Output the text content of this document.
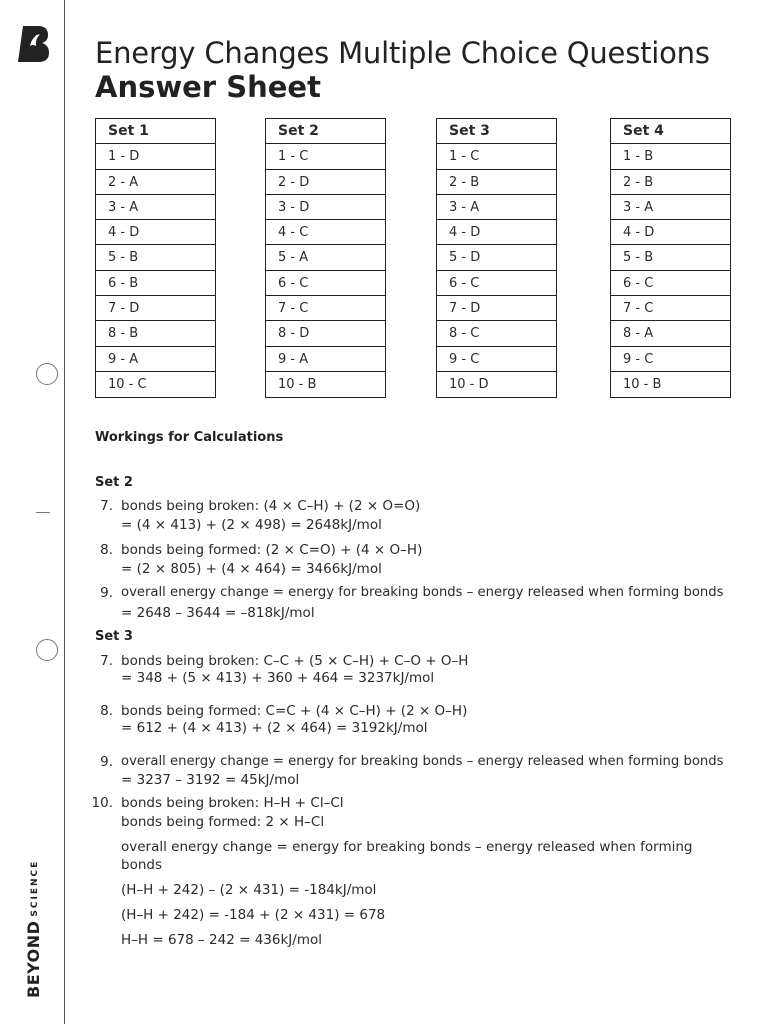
BEYONDSCIENCE
Energy Changes Multiple Choice Questions
Answer Sheet
Set 1
1 - D
2 - A
3 - A
4 - D
5 - B
6 - B
7 - D
8 - B
9 - A
10 - C
Set 2
1 - C
2 - D
3 - D
4 - C
5 - A
6 - C
7 - C
8 - D
9 - A
10 - B
Set 3
1 - C
2 - B
3 - A
4 - D
5 - D
6 - C
7 - D
8 - C
9 - C
10 - D
Set 4
1 - B
2 - B
3 - A
4 - D
5 - B
6 - C
7 - C
8 - A
9 - C
10 - B
Workings for Calculations
Set 2
7. bonds being broken: (4 × C–H) + (2 × O=O)
= (4 × 413) + (2 × 498) = 2648kJ/mol
8. bonds being formed: (2 × C=O) + (4 × O–H)
= (2 × 805) + (4 × 464) = 3466kJ/mol
9. overall energy change = energy for breaking bonds – energy released when forming bonds
= 2648 – 3644 = –818kJ/mol
Set 3
7. bonds being broken: C–C + (5 × C–H) + C–O + O–H
= 348 + (5 × 413) + 360 + 464 = 3237kJ/mol
8. bonds being formed: C=C + (4 × C–H) + (2 × O–H)
= 612 + (4 × 413) + (2 × 464) = 3192kJ/mol
9. overall energy change = energy for breaking bonds – energy released when forming bonds
= 3237 – 3192 = 45kJ/mol
10. bonds being broken: H–H + Cl–Cl
bonds being formed: 2 × H–Cl
overall energy change = energy for breaking bonds – energy released when forming
bonds
(H–H + 242) – (2 × 431) = -184kJ/mol
(H–H + 242) = -184 + (2 × 431) = 678
H–H = 678 – 242 = 436kJ/mol
